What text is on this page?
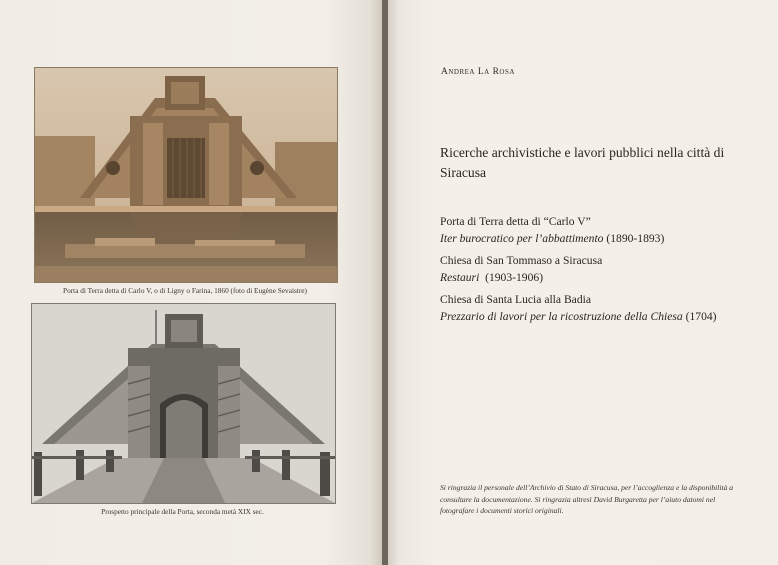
Porta di Terra detta di Carlo V, o di Ligny o Farina, 1860 (foto di Eugène Sevaistre)
Prospetto principale della Porta, seconda metà XIX sec.
Andrea La Rosa
Ricerche archivistiche e lavori pubblici nella città di Siracusa
Porta di Terra detta di “Carlo V”
Iter burocratico per l’abbattimento (1890-1893)
Chiesa di San Tommaso a Siracusa
Restauri  (1903-1906)
Chiesa di Santa Lucia alla Badia
Prezzario di lavori per la ricostruzione della Chiesa (1704)
Si ringrazia il personale dell’Archivio di Stato di Siracusa, per l’accoglienza e la disponibilità a consultare la documentazione. Si ringrazia altresì David Burgaretta per l’aiuto datomi nel fotografare i documenti storici originali.
